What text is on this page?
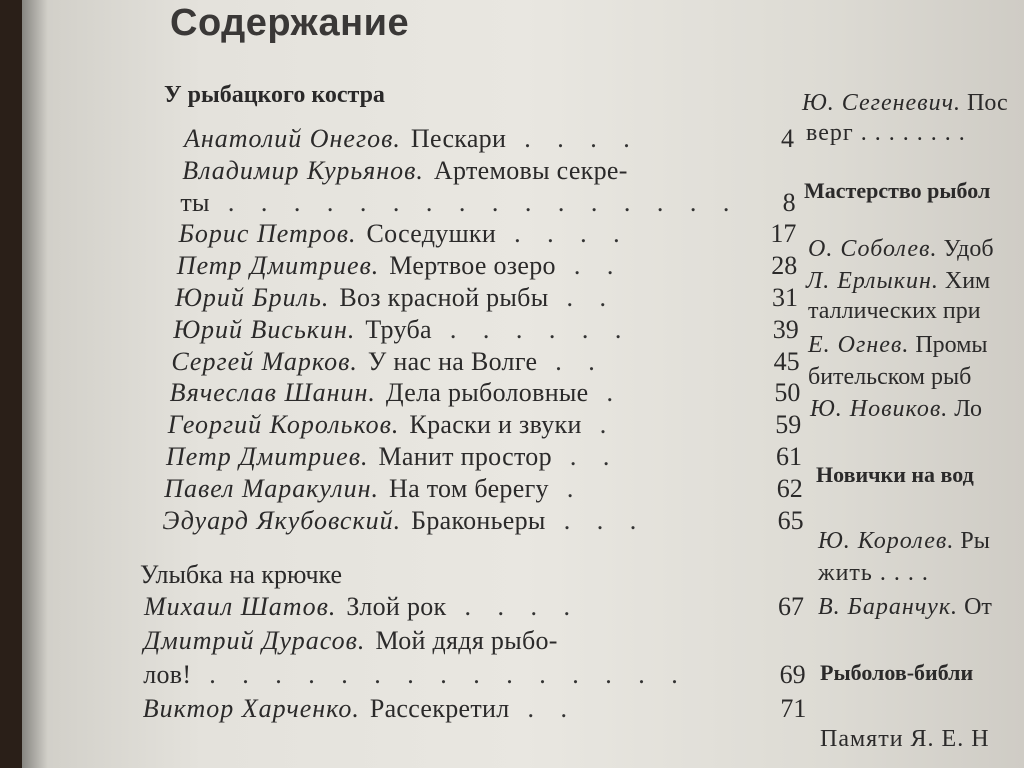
Содержание
У рыбацкого костра
Анатолий Онегов. Пескари . . . .	4
Владимир Курьянов. Артемовы секре-
ты . . . . . . . . . . . . . . . .	8
Борис Петров. Соседушки . . . .	17
Петр Дмитриев. Мертвое озеро . .	28
Юрий Бриль. Воз красной рыбы . .	31
Юрий Виськин. Труба . . . . . .	39
Сергей Марков. У нас на Волге . .	45
Вячеслав Шанин. Дела рыболовные .	50
Георгий Корольков. Краски и звуки .	59
Петр Дмитриев. Манит простор . .	61
Павел Маракулин. На том берегу .	62
Эдуард Якубовский. Браконьеры . . .	65
Улыбка на крючке
Михаил Шатов. Злой рок . . . .	67
Дмитрий Дурасов. Мой дядя рыбо-
лов! . . . . . . . . . . . . . . .	69
Виктор Харченко. Рассекретил . .	71
Ю. Сегеневич. Пос
верг . . . . . . . .
Мастерство рыбол
О. Соболев. Удоб
Л. Ерлыкин. Хим
таллических при
Е. Огнев. Промы
бительском рыб
Ю. Новиков. Ло
Новички на вод
Ю. Королев. Ры
жить . . . .
В. Баранчук. От
Рыболов-библи
Памяти Я. Е. Н
